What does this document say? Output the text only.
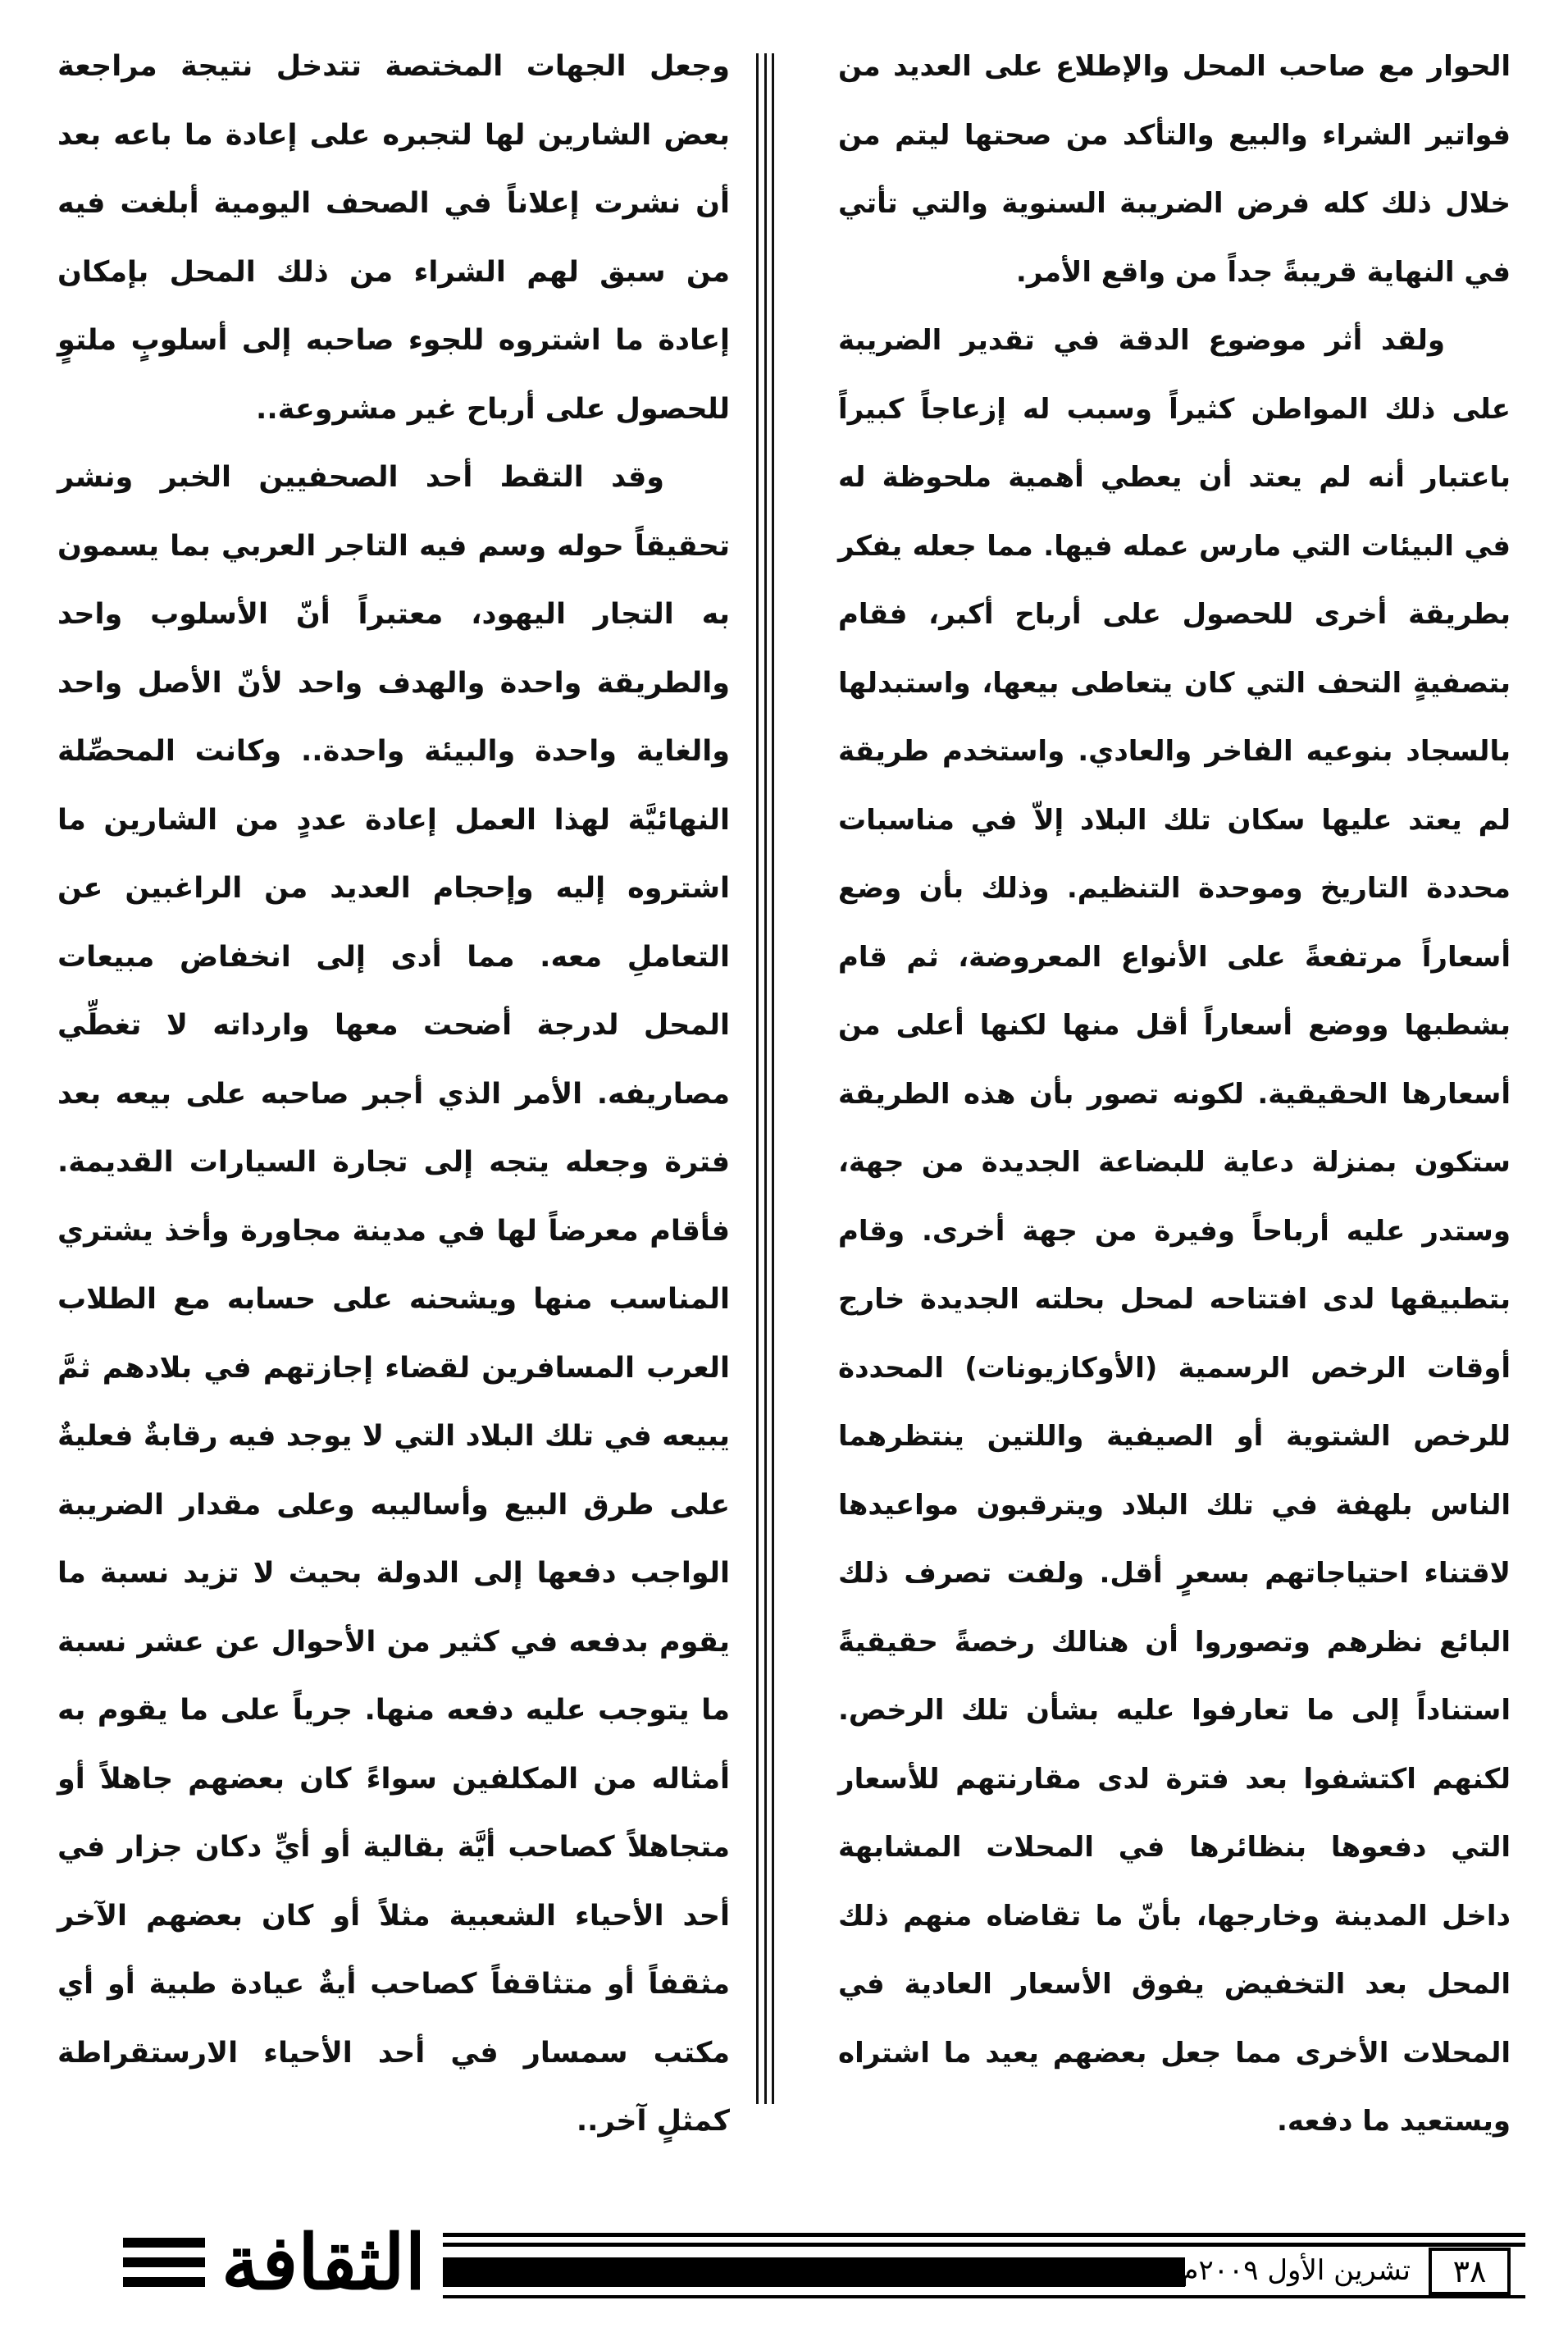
الحوار مع صاحب المحل والإطلاع على العديد من فواتير الشراء والبيع والتأكد من صحتها ليتم من خلال ذلك كله فرض الضريبة السنوية والتي تأتي في النهاية قريبةً جداً من واقع الأمر.

ولقد أثر موضوع الدقة في تقدير الضريبة على ذلك المواطن كثيراً وسبب له إزعاجاً كبيراً باعتبار أنه لم يعتد أن يعطي أهمية ملحوظة له في البيئات التي مارس عمله فيها. مما جعله يفكر بطريقة أخرى للحصول على أرباح أكبر، فقام بتصفيةٍ التحف التي كان يتعاطى بيعها، واستبدلها بالسجاد بنوعيه الفاخر والعادي. واستخدم طريقة لم يعتد عليها سكان تلك البلاد إلاّ في مناسبات محددة التاريخ وموحدة التنظيم. وذلك بأن وضع أسعاراً مرتفعةً على الأنواع المعروضة، ثم قام بشطبها ووضع أسعاراً أقل منها لكنها أعلى من أسعارها الحقيقية. لكونه تصور بأن هذه الطريقة ستكون بمنزلة دعاية للبضاعة الجديدة من جهة، وستدر عليه أرباحاً وفيرة من جهة أخرى. وقام بتطبيقها لدى افتتاحه لمحل بحلته الجديدة خارج أوقات الرخص الرسمية (الأوكازيونات) المحددة للرخص الشتوية أو الصيفية واللتين ينتظرهما الناس بلهفة في تلك البلاد ويترقبون مواعيدها لاقتناء احتياجاتهم بسعرٍ أقل. ولفت تصرف ذلك البائع نظرهم وتصوروا أن هنالك رخصةً حقيقيةً استناداً إلى ما تعارفوا عليه بشأن تلك الرخص. لكنهم اكتشفوا بعد فترة لدى مقارنتهم للأسعار التي دفعوها بنظائرها في المحلات المشابهة داخل المدينة وخارجها، بأنّ ما تقاضاه منهم ذلك المحل بعد التخفيض يفوق الأسعار العادية في المحلات الأخرى مما جعل بعضهم يعيد ما اشتراه ويستعيد ما دفعه.

وجعل الجهات المختصة تتدخل نتيجة مراجعة بعض الشارين لها لتجبره على إعادة ما باعه بعد أن نشرت إعلاناً في الصحف اليومية أبلغت فيه من سبق لهم الشراء من ذلك المحل بإمكان إعادة ما اشتروه للجوء صاحبه إلى أسلوبٍ ملتوٍ للحصول على أرباح غير مشروعة..

وقد التقط أحد الصحفيين الخبر ونشر تحقيقاً حوله وسم فيه التاجر العربي بما يسمون به التجار اليهود، معتبراً أنّ الأسلوب واحد والطريقة واحدة والهدف واحد لأنّ الأصل واحد والغاية واحدة والبيئة واحدة.. وكانت المحصِّلة النهائيَّة لهذا العمل إعادة عددٍ من الشارين ما اشتروه إليه وإحجام العديد من الراغبين عن التعاملِ معه. مما أدى إلى انخفاض مبيعات المحل لدرجة أضحت معها وارداته لا تغطِّي مصاريفه. الأمر الذي أجبر صاحبه على بيعه بعد فترة وجعله يتجه إلى تجارة السيارات القديمة. فأقام معرضاً لها في مدينة مجاورة وأخذ يشتري المناسب منها ويشحنه على حسابه مع الطلاب العرب المسافرين لقضاء إجازتهم في بلادهم ثمَّ يبيعه في تلك البلاد التي لا يوجد فيه رقابةٌ فعليةٌ على طرق البيع وأساليبه وعلى مقدار الضريبة الواجب دفعها إلى الدولة بحيث لا تزيد نسبة ما يقوم بدفعه في كثير من الأحوال عن عشر نسبة ما يتوجب عليه دفعه منها. جرياً على ما يقوم به أمثاله من المكلفين سواءً كان بعضهم جاهلاً أو متجاهلاً كصاحب أيَّة بقالية أو أيِّ دكان جزار في أحد الأحياء الشعبية مثلاً أو كان بعضهم الآخر مثقفاً أو متثاقفاً كصاحب أيةٌ عيادة طبية أو أي مكتب سمسار في أحد الأحياء الارستقراطة كمثلٍ آخر..

الثقافة	تشرين الأول ٢٠٠٩م	٣٨
